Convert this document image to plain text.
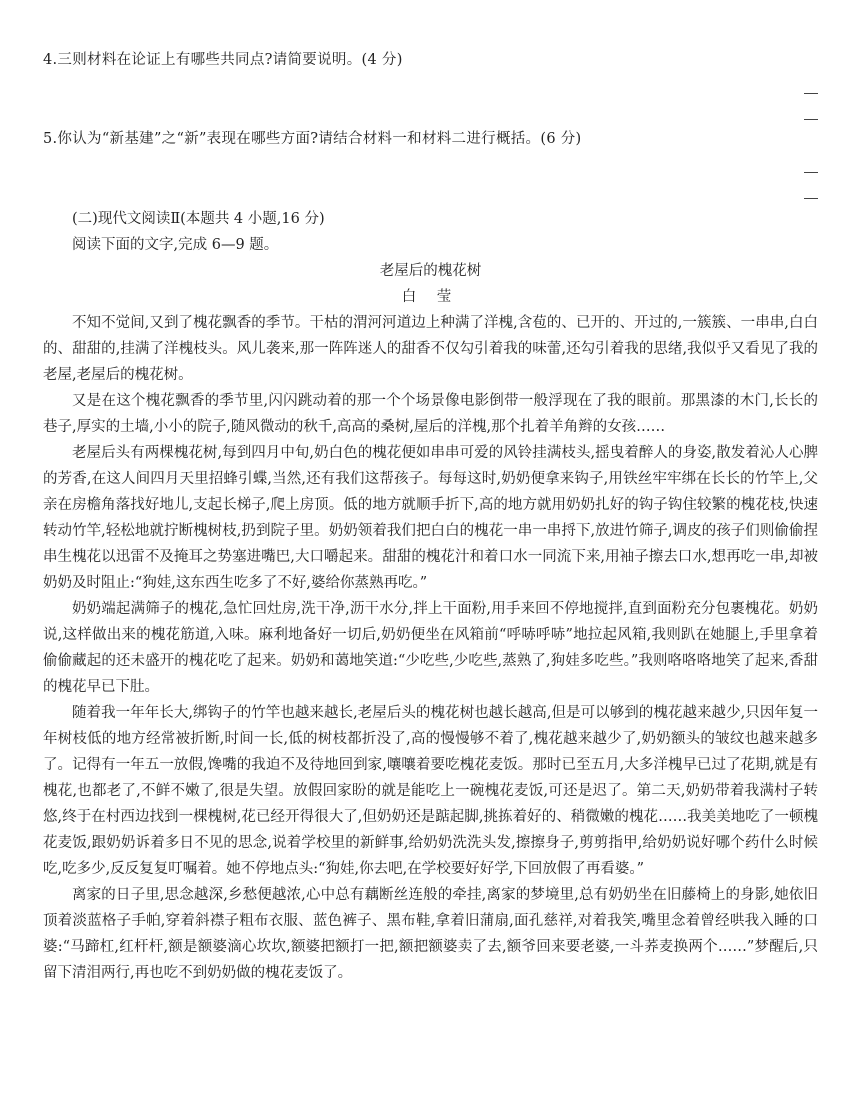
4.三则材料在论证上有哪些共同点?请简要说明。(4 分)

5.你认为“新基建”之“新”表现在哪些方面?请结合材料一和材料二进行概括。(6 分)

(二)现代文阅读Ⅱ(本题共 4 小题,16 分)

阅读下面的文字,完成 6—9 题。

老屋后的槐花树

白 莹

不知不觉间,又到了槐花飘香的季节。干枯的渭河河道边上种满了洋槐,含苞的、已开的、开过的,一簇簇、一串串,白白的、甜甜的,挂满了洋槐枝头。风儿袭来,那一阵阵迷人的甜香不仅勾引着我的味蕾,还勾引着我的思绪,我似乎又看见了我的老屋,老屋后的槐花树。

又是在这个槐花飘香的季节里,闪闪跳动着的那一个个场景像电影倒带一般浮现在了我的眼前。那黑漆的木门,长长的巷子,厚实的土墙,小小的院子,随风微动的秋千,高高的桑树,屋后的洋槐,那个扎着羊角辫的女孩……

老屋后头有两棵槐花树,每到四月中旬,奶白色的槐花便如串串可爱的风铃挂满枝头,摇曳着醉人的身姿,散发着沁人心脾的芳香,在这人间四月天里招蜂引蝶,当然,还有我们这帮孩子。每每这时,奶奶便拿来钩子,用铁丝牢牢绑在长长的竹竿上,父亲在房檐角落找好地儿,支起长梯子,爬上房顶。低的地方就顺手折下,高的地方就用奶奶扎好的钩子钩住较繁的槐花枝,快速转动竹竿,轻松地就拧断槐树枝,扔到院子里。奶奶领着我们把白白的槐花一串一串捋下,放进竹筛子,调皮的孩子们则偷偷捏串生槐花以迅雷不及掩耳之势塞进嘴巴,大口嚼起来。甜甜的槐花汁和着口水一同流下来,用袖子擦去口水,想再吃一串,却被奶奶及时阻止:“狗娃,这东西生吃多了不好,婆给你蒸熟再吃。”

奶奶端起满筛子的槐花,急忙回灶房,洗干净,沥干水分,拌上干面粉,用手来回不停地搅拌,直到面粉充分包裹槐花。奶奶说,这样做出来的槐花筋道,入味。麻利地备好一切后,奶奶便坐在风箱前“呼哧呼哧”地拉起风箱,我则趴在她腿上,手里拿着偷偷藏起的还未盛开的槐花吃了起来。奶奶和蔼地笑道:“少吃些,少吃些,蒸熟了,狗娃多吃些。”我则咯咯咯地笑了起来,香甜的槐花早已下肚。

随着我一年年长大,绑钩子的竹竿也越来越长,老屋后头的槐花树也越长越高,但是可以够到的槐花越来越少,只因年复一年树枝低的地方经常被折断,时间一长,低的树枝都折没了,高的慢慢够不着了,槐花越来越少了,奶奶额头的皱纹也越来越多了。记得有一年五一放假,馋嘴的我迫不及待地回到家,嚷嚷着要吃槐花麦饭。那时已至五月,大多洋槐早已过了花期,就是有槐花,也都老了,不鲜不嫩了,很是失望。放假回家盼的就是能吃上一碗槐花麦饭,可还是迟了。第二天,奶奶带着我满村子转悠,终于在村西边找到一棵槐树,花已经开得很大了,但奶奶还是踮起脚,挑拣着好的、稍微嫩的槐花……我美美地吃了一顿槐花麦饭,跟奶奶诉着多日不见的思念,说着学校里的新鲜事,给奶奶洗洗头发,擦擦身子,剪剪指甲,给奶奶说好哪个药什么时候吃,吃多少,反反复复叮嘱着。她不停地点头:“狗娃,你去吧,在学校要好好学,下回放假了再看婆。”

离家的日子里,思念越深,乡愁便越浓,心中总有藕断丝连般的牵挂,离家的梦境里,总有奶奶坐在旧藤椅上的身影,她依旧顶着淡蓝格子手帕,穿着斜襟子粗布衣服、蓝色裤子、黑布鞋,拿着旧蒲扇,面孔慈祥,对着我笑,嘴里念着曾经哄我入睡的口婆:“马蹄杠,红杆杆,额是额婆滴心坎坎,额婆把额打一把,额把额婆卖了去,额爷回来要老婆,一斗荞麦换两个……”梦醒后,只留下清泪两行,再也吃不到奶奶做的槐花麦饭了。
